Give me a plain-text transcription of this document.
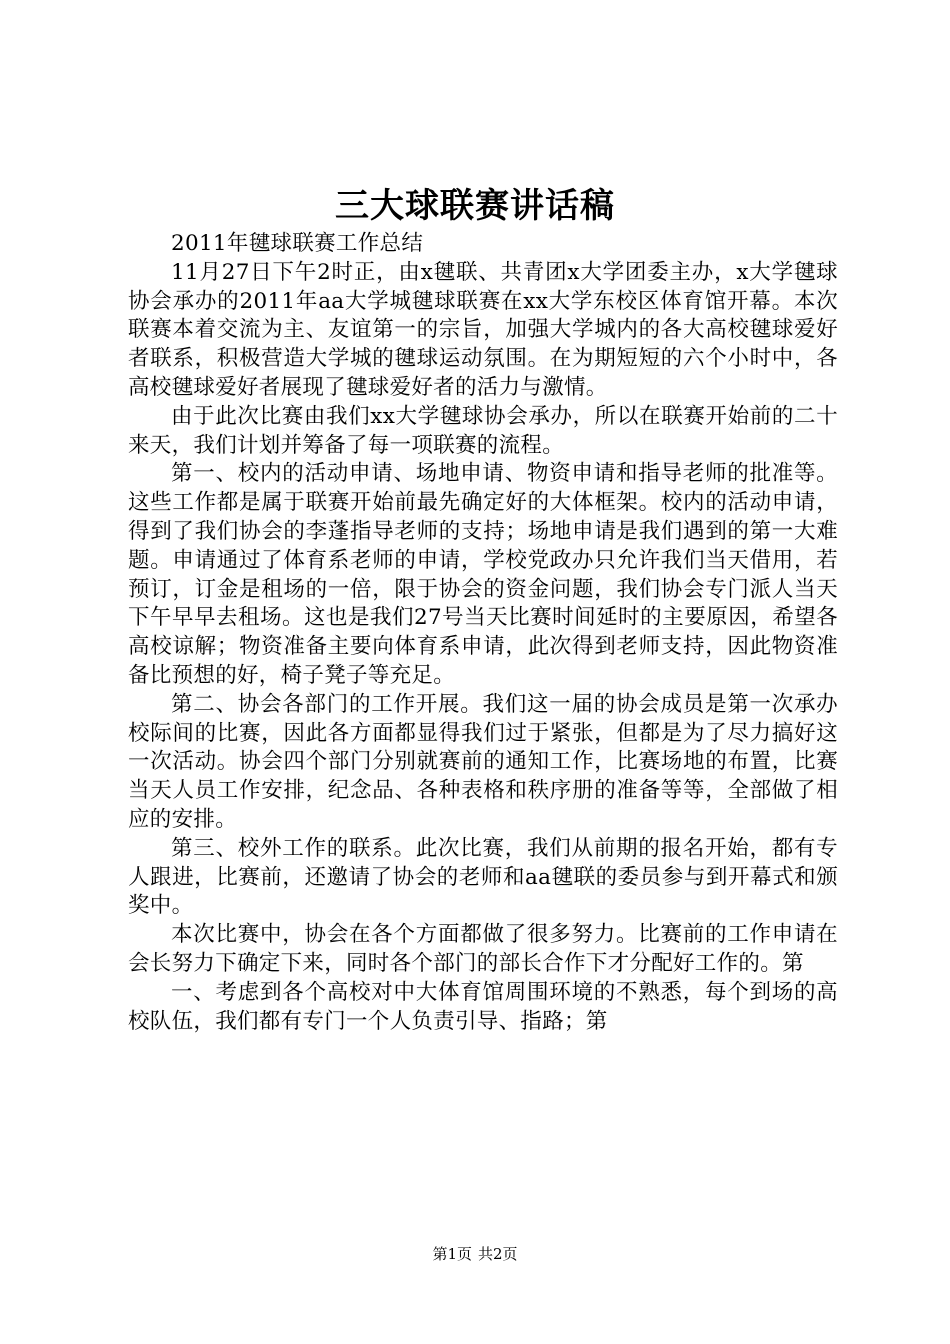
三大球联赛讲话稿

2011年毽球联赛工作总结

11月27日下午2时正，由x毽联、共青团x大学团委主办，x大学毽球协会承办的2011年aa大学城毽球联赛在xx大学东校区体育馆开幕。本次联赛本着交流为主、友谊第一的宗旨，加强大学城内的各大高校毽球爱好者联系，积极营造大学城的毽球运动氛围。在为期短短的六个小时中，各高校毽球爱好者展现了毽球爱好者的活力与激情。

由于此次比赛由我们xx大学毽球协会承办，所以在联赛开始前的二十来天，我们计划并筹备了每一项联赛的流程。

第一、校内的活动申请、场地申请、物资申请和指导老师的批准等。这些工作都是属于联赛开始前最先确定好的大体框架。校内的活动申请，得到了我们协会的李蓬指导老师的支持；场地申请是我们遇到的第一大难题。申请通过了体育系老师的申请，学校党政办只允许我们当天借用，若预订，订金是租场的一倍，限于协会的资金问题，我们协会专门派人当天下午早早去租场。这也是我们27号当天比赛时间延时的主要原因，希望各高校谅解；物资准备主要向体育系申请，此次得到老师支持，因此物资准备比预想的好，椅子凳子等充足。

第二、协会各部门的工作开展。我们这一届的协会成员是第一次承办校际间的比赛，因此各方面都显得我们过于紧张，但都是为了尽力搞好这一次活动。协会四个部门分别就赛前的通知工作，比赛场地的布置，比赛当天人员工作安排，纪念品、各种表格和秩序册的准备等等，全部做了相应的安排。

第三、校外工作的联系。此次比赛，我们从前期的报名开始，都有专人跟进，比赛前，还邀请了协会的老师和aa毽联的委员参与到开幕式和颁奖中。

本次比赛中，协会在各个方面都做了很多努力。比赛前的工作申请在会长努力下确定下来，同时各个部门的部长合作下才分配好工作的。第

一、考虑到各个高校对中大体育馆周围环境的不熟悉，每个到场的高校队伍，我们都有专门一个人负责引导、指路；第

第1页 共2页
